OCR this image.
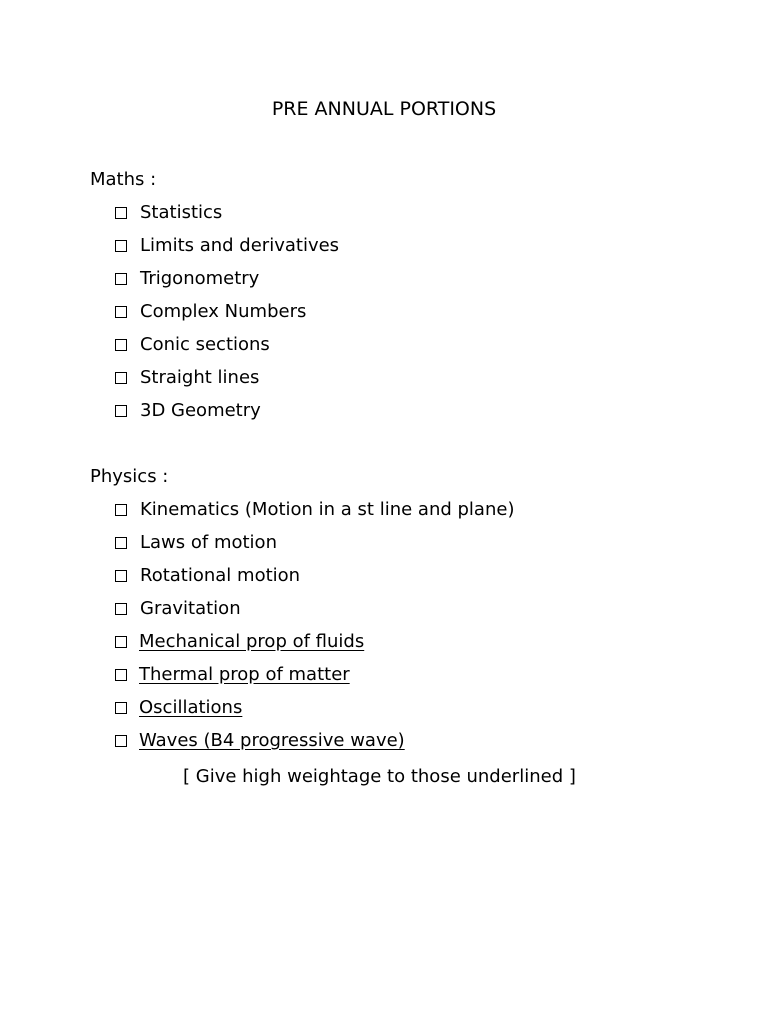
PRE ANNUAL PORTIONS
Maths :
Statistics
Limits and derivatives
Trigonometry
Complex Numbers
Conic sections
Straight lines
3D Geometry
Physics :
Kinematics (Motion in a st line and plane)
Laws of motion
Rotational motion
Gravitation
Mechanical prop of fluids
Thermal prop of matter
Oscillations
Waves (B4 progressive wave)
[ Give high weightage to those underlined ]
